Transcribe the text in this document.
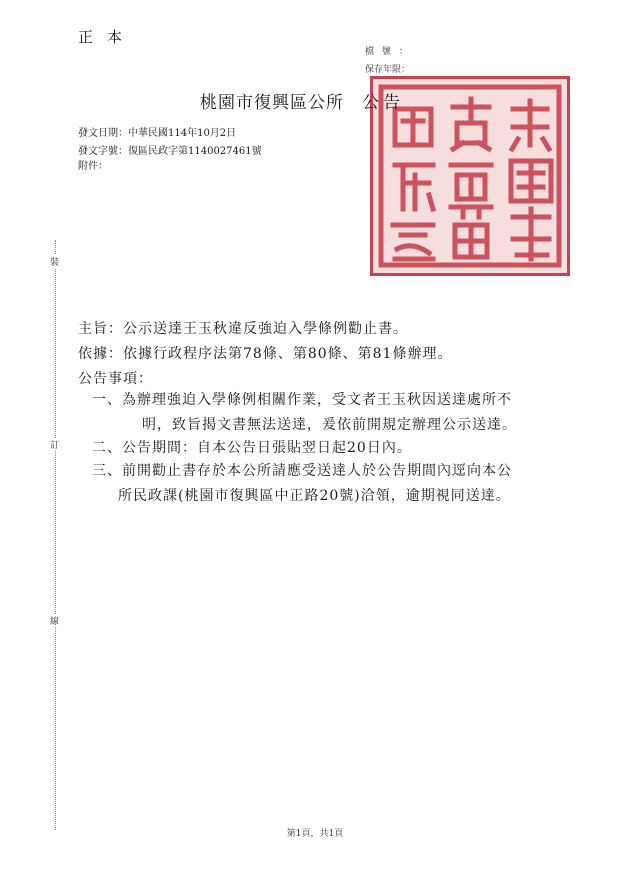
正本
檔號：
保存年限：
桃園市復興區公所 公告
發文日期：中華民國114年10月2日
發文字號：復區民政字第1140027461號
附件：
裝
訂
線
主旨：公示送達王玉秋違反強迫入學條例勸止書。
依據：依據行政程序法第78條、第80條、第81條辦理。
公告事項：
一、為辦理強迫入學條例相關作業，受文者王玉秋因送達處所不
明，致旨揭文書無法送達，爰依前開規定辦理公示送達。
二、公告期間：自本公告日張貼翌日起20日內。
三、前開勸止書存於本公所請應受送達人於公告期間內逕向本公
所民政課(桃園市復興區中正路20號)洽領，逾期視同送達。
第1頁，共1頁
